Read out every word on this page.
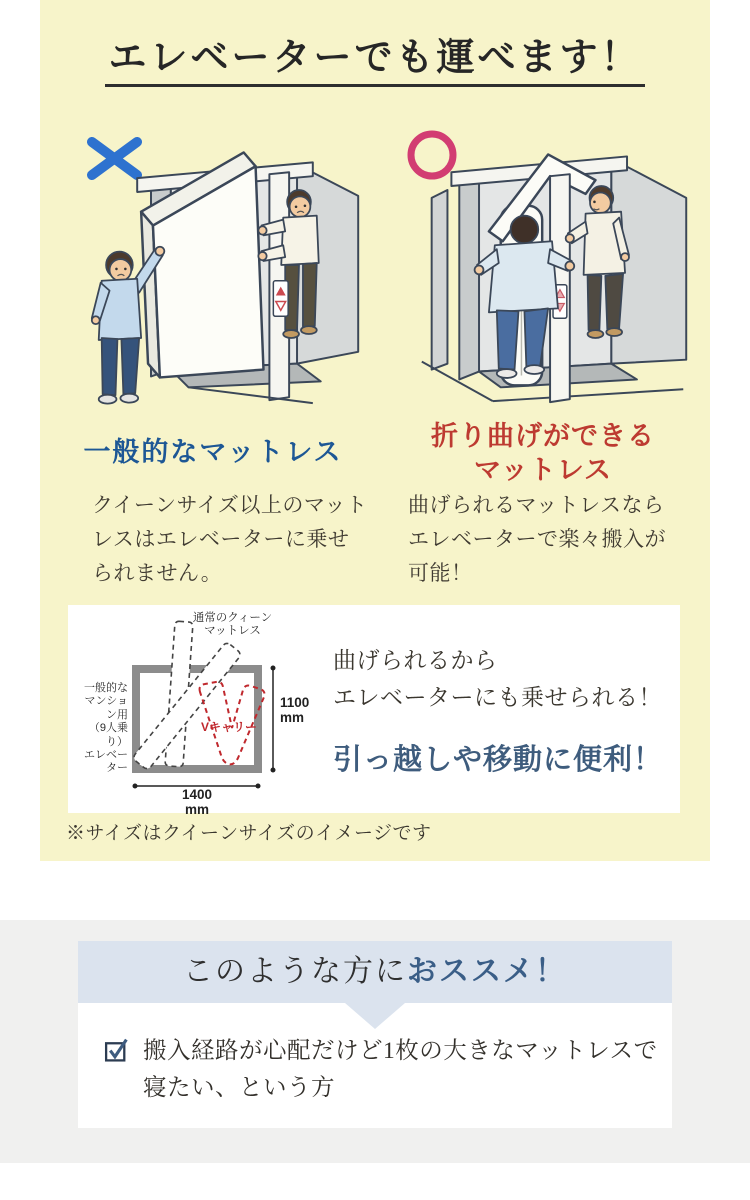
エレベーターでも運べます！
一般的なマットレス
折り曲げができる
マットレス
クイーンサイズ以上のマット
レスはエレベーターに乗せ
られません。
曲げられるマットレスなら
エレベーターで楽々搬入が
可能！
通常のクィーン
マットレス
一般的な
マンション用
（9人乗り）
エレベーター
Vキャリー
1100
mm
1400
mm
曲げられるから
エレベーターにも乗せられる！
引っ越しや移動に便利！
※サイズはクイーンサイズのイメージです
このような方におススメ！
搬入経路が心配だけど1枚の大きなマットレスで
寝たい、という方
